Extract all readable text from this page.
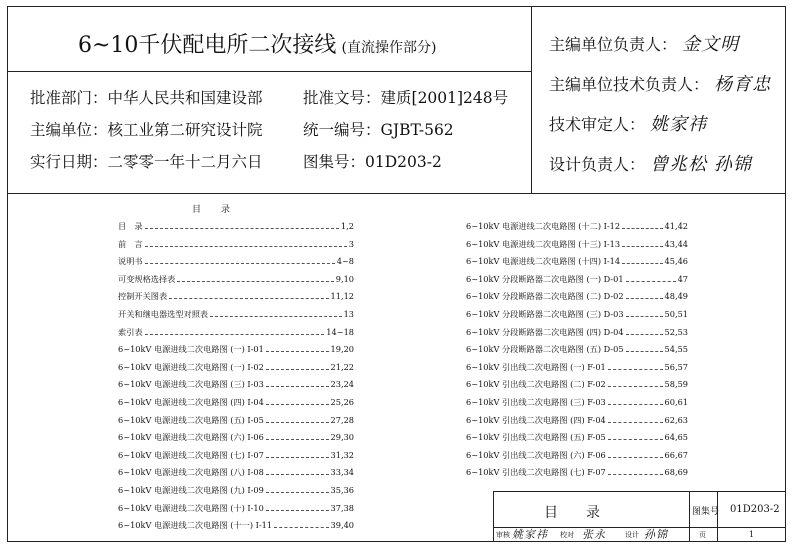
6~10千伏配电所二次接线 (直流操作部分)
批准部门：中华人民共和国建设部	批准文号：建质[2001]248号
主编单位：核工业第二研究设计院	统一编号：GJBT-562
实行日期：二零零一年十二月六日	图集号：01D203-2
主编单位负责人： 金文明
主编单位技术负责人： 杨育忠
技术审定人： 姚家祎
设计负责人： 曾兆松 孙锦
目录
目　录	1,2
前　言	3
说明书	4~8
可变规格选择表	9,10
控制开关图表	11,12
开关和继电器选型对照表	13
索引表	14~18
6~10kV 电源进线二次电路图 (一) I-01	19,20
6~10kV 电源进线二次电路图 (一) I-02	21,22
6~10kV 电源进线二次电路图 (三) I-03	23,24
6~10kV 电源进线二次电路图 (四) I-04	25,26
6~10kV 电源进线二次电路图 (五) I-05	27,28
6~10kV 电源进线二次电路图 (六) I-06	29,30
6~10kV 电源进线二次电路图 (七) I-07	31,32
6~10kV 电源进线二次电路图 (八) I-08	33,34
6~10kV 电源进线二次电路图 (九) I-09	35,36
6~10kV 电源进线二次电路图 (十) I-10	37,38
6~10kV 电源进线二次电路图 (十一) I-11	39,40
6~10kV 电源进线二次电路图 (十二) I-12	41,42
6~10kV 电源进线二次电路图 (十三) I-13	43,44
6~10kV 电源进线二次电路图 (十四) I-14	45,46
6~10kV 分段断路器二次电路图 (一) D-01	47
6~10kV 分段断路器二次电路图 (二) D-02	48,49
6~10kV 分段断路器二次电路图 (三) D-03	50,51
6~10kV 分段断路器二次电路图 (四) D-04	52,53
6~10kV 分段断路器二次电路图 (五) D-05	54,55
6~10kV 引出线二次电路图 (一) F-01	56,57
6~10kV 引出线二次电路图 (二) F-02	58,59
6~10kV 引出线二次电路图 (三) F-03	60,61
6~10kV 引出线二次电路图 (四) F-04	62,63
6~10kV 引出线二次电路图 (五) F-05	64,65
6~10kV 引出线二次电路图 (六) F-06	66,67
6~10kV 引出线二次电路图 (七) F-07	68,69
目　　录	图集号 01D203-2
审核 姚家祎 校对 张永	设计 孙锦	页	1
